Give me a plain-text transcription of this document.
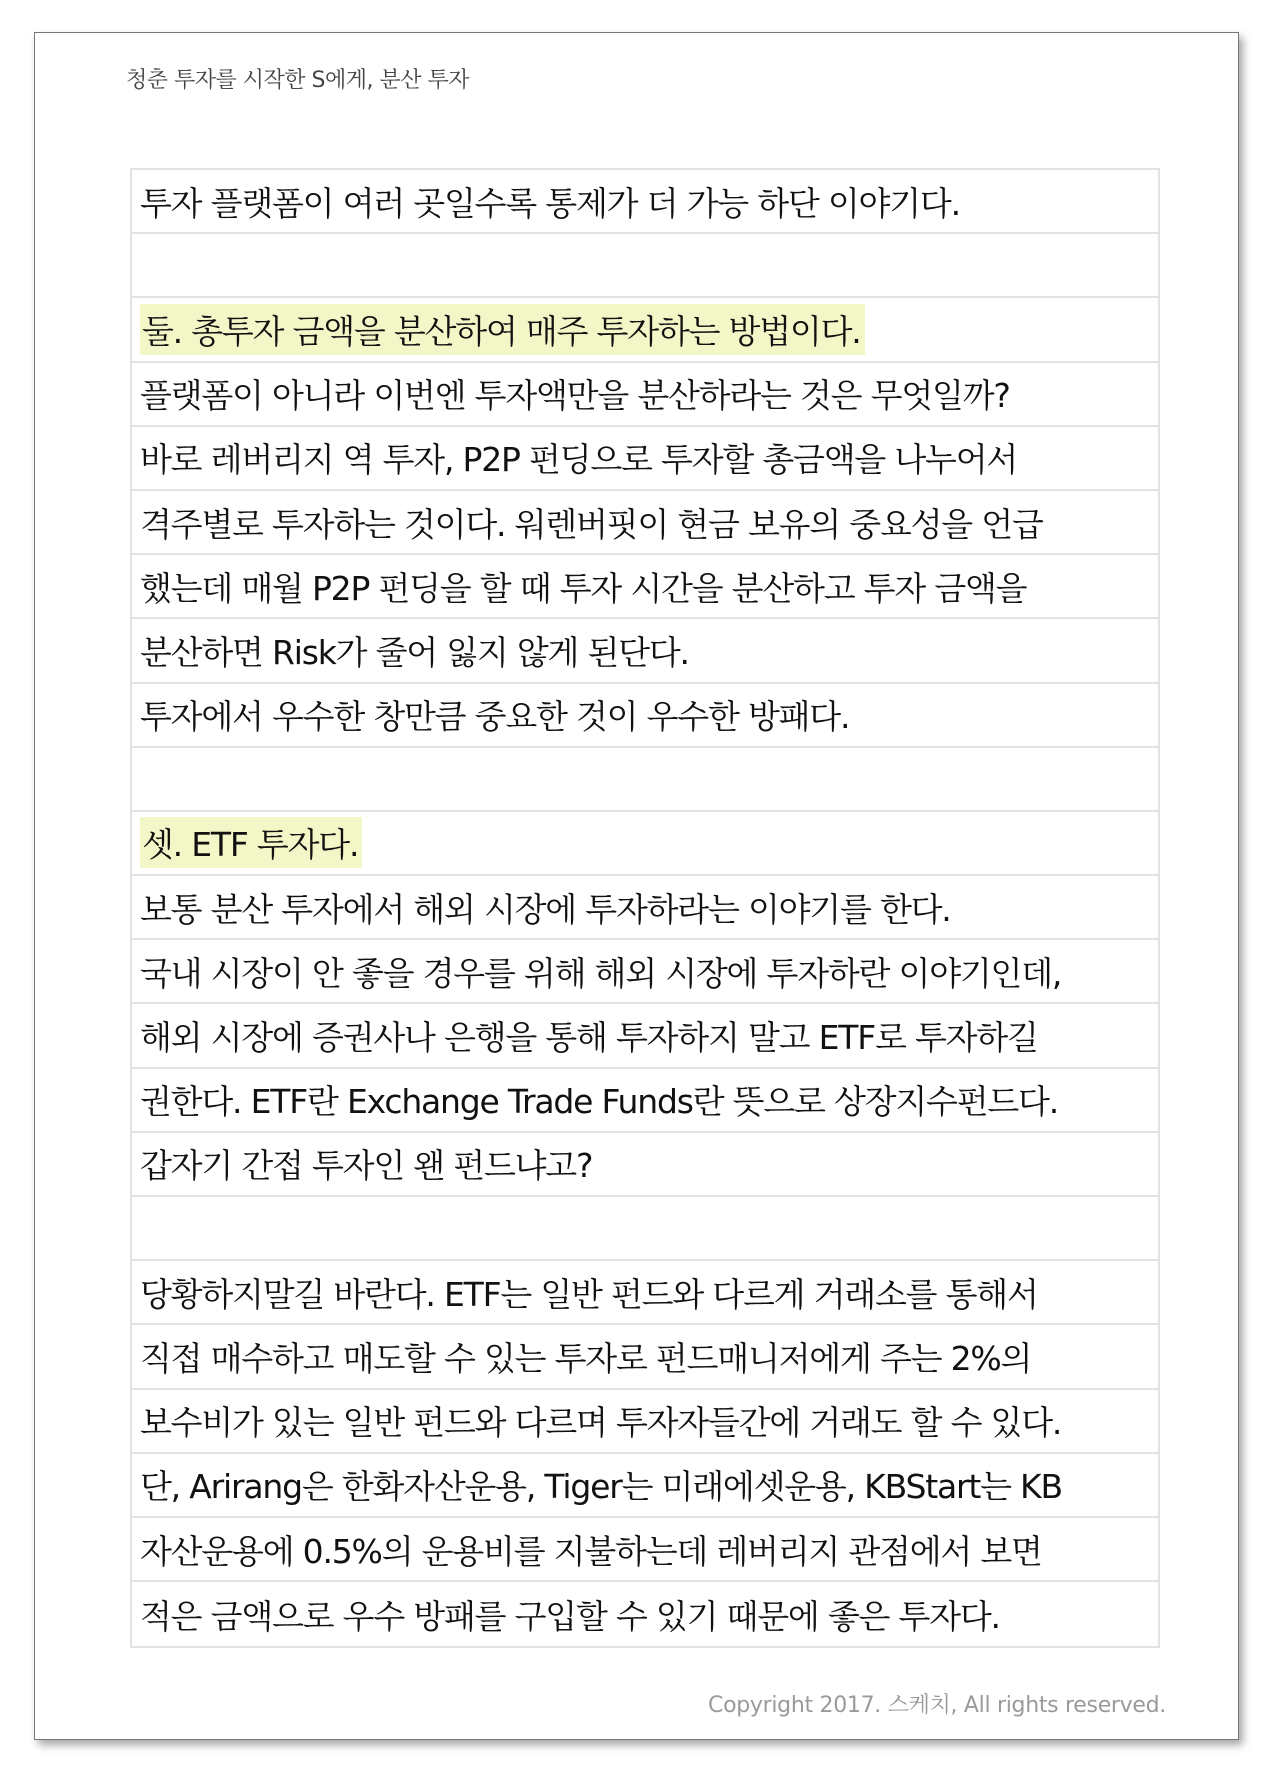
청춘 투자를 시작한 S에게, 분산 투자
투자 플랫폼이 여러 곳일수록 통제가 더 가능 하단 이야기다.
둘. 총투자 금액을 분산하여 매주 투자하는 방법이다.
플랫폼이 아니라 이번엔 투자액만을 분산하라는 것은 무엇일까?
바로 레버리지 역 투자, P2P 펀딩으로 투자할 총금액을 나누어서
격주별로 투자하는 것이다. 워렌버핏이 현금 보유의 중요성을 언급
했는데 매월 P2P 펀딩을 할 때 투자 시간을 분산하고 투자 금액을
분산하면 Risk가 줄어 잃지 않게 된단다.
투자에서 우수한 창만큼 중요한 것이 우수한 방패다.
셋. ETF 투자다.
보통 분산 투자에서 해외 시장에 투자하라는 이야기를 한다.
국내 시장이 안 좋을 경우를 위해 해외 시장에 투자하란 이야기인데,
해외 시장에 증권사나 은행을 통해 투자하지 말고 ETF로 투자하길
권한다. ETF란 Exchange Trade Funds란 뜻으로 상장지수펀드다.
갑자기 간접 투자인 왠 펀드냐고?
당황하지말길 바란다. ETF는 일반 펀드와 다르게 거래소를 통해서
직접 매수하고 매도할 수 있는 투자로 펀드매니저에게 주는 2%의
보수비가 있는 일반 펀드와 다르며 투자자들간에 거래도 할 수 있다.
단, Arirang은 한화자산운용, Tiger는 미래에셋운용, KBStart는 KB
자산운용에 0.5%의 운용비를 지불하는데 레버리지 관점에서 보면
적은 금액으로 우수 방패를 구입할 수 있기 때문에 좋은 투자다.
Copyright 2017. 스케치, All rights reserved.
